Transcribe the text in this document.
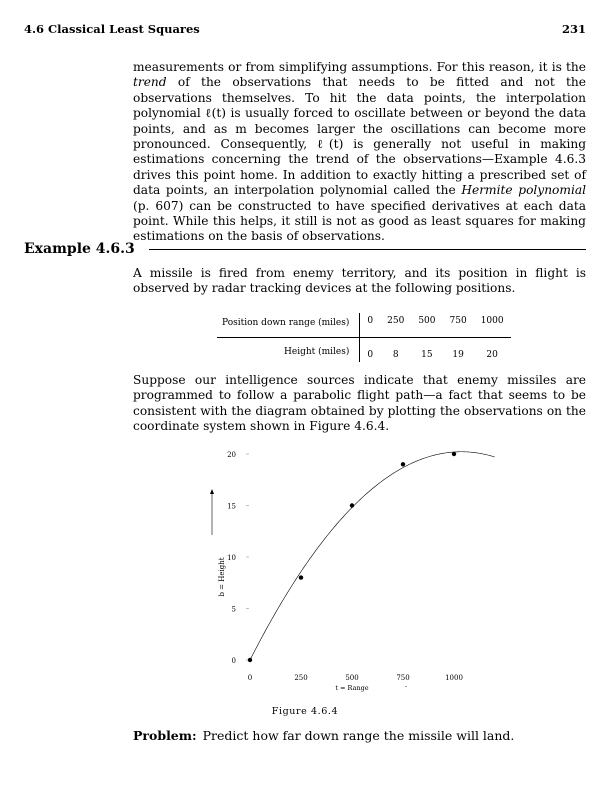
4.6 Classical Least Squares	231
measurements or from simplifying assumptions. For this reason, it is the trend of the observations that needs to be fitted and not the observations themselves. To hit the data points, the interpolation polynomial ℓ(t) is usually forced to oscillate between or beyond the data points, and as m becomes larger the oscillations can become more pronounced. Consequently, ℓ(t) is generally not useful in making estimations concerning the trend of the observations—Example 4.6.3 drives this point home. In addition to exactly hitting a prescribed set of data points, an interpolation polynomial called the Hermite polynomial (p. 607) can be constructed to have specified derivatives at each data point. While this helps, it still is not as good as least squares for making estimations on the basis of observations.
Example 4.6.3
A missile is fired from enemy territory, and its position in flight is observed by radar tracking devices at the following positions.
Position down range (miles)	0	250	500	750	1000
Height (miles)	0	8	15	19	20
Suppose our intelligence sources indicate that enemy missiles are programmed to follow a parabolic flight path—a fact that seems to be consistent with the diagram obtained by plotting the observations on the coordinate system shown in Figure 4.6.4.
0
5
10
15
20
0	250	500	750	1000
b = Height
t = Range	-
Figure 4.6.4
Problem: Predict how far down range the missile will land.
